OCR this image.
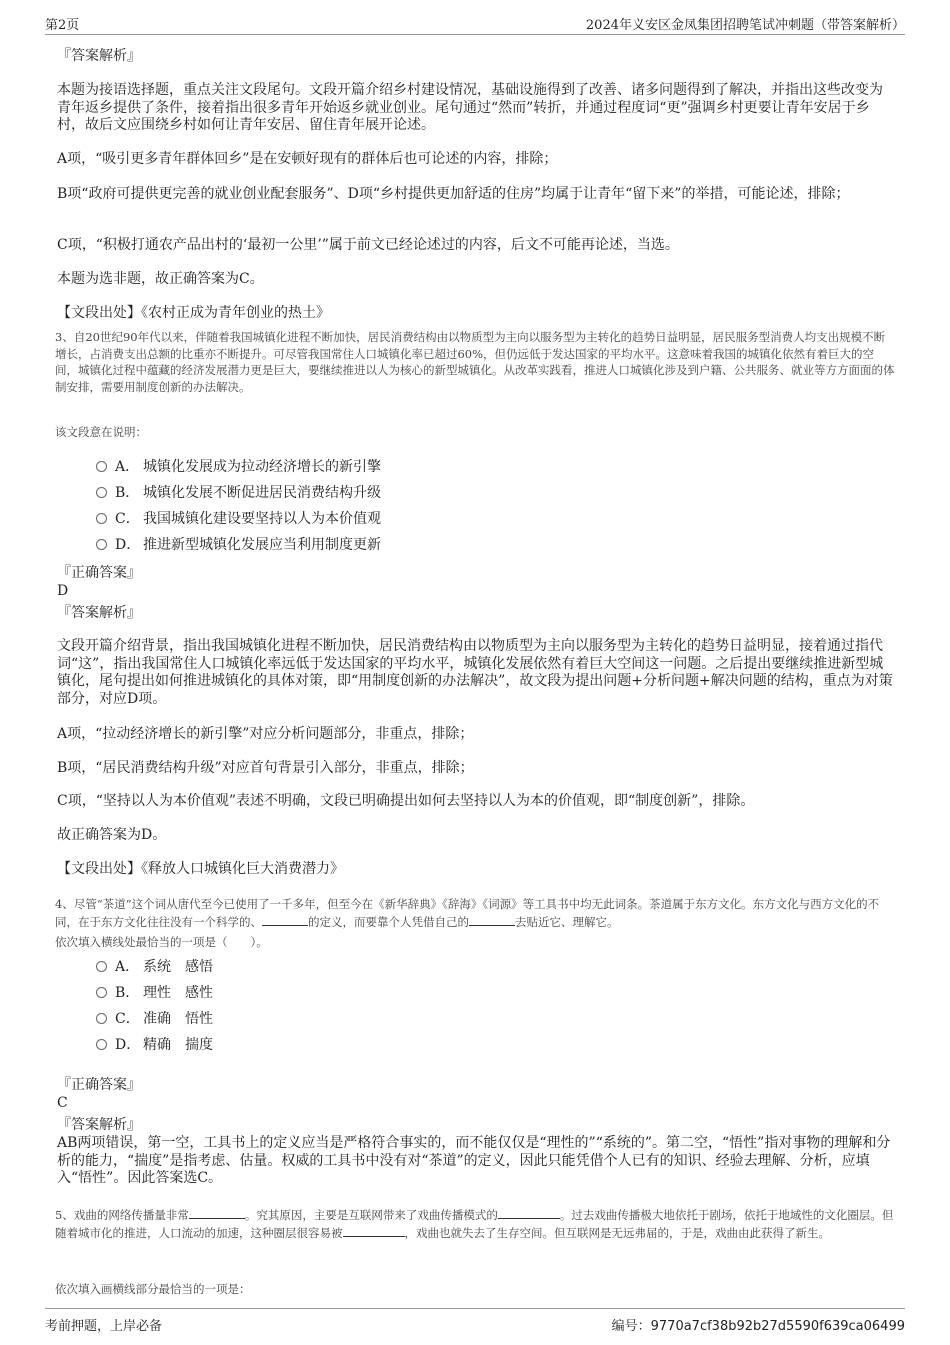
第2页	2024年义安区金凤集团招聘笔试冲刺题（带答案解析）
『答案解析』

本题为接语选择题，重点关注文段尾句。文段开篇介绍乡村建设情况，基础设施得到了改善、诸多问题得到了解决，并指出这些改变为青年返乡提供了条件，接着指出很多青年开始返乡就业创业。尾句通过“然而”转折，并通过程度词“更”强调乡村更要让青年安居于乡村，故后文应围绕乡村如何让青年安居、留住青年展开论述。

A项，“吸引更多青年群体回乡”是在安顿好现有的群体后也可论述的内容，排除；

B项“政府可提供更完善的就业创业配套服务”、D项“乡村提供更加舒适的住房”均属于让青年“留下来”的举措，可能论述，排除；

C项，“积极打通农产品出村的‘最初一公里’”属于前文已经论述过的内容，后文不可能再论述，当选。

本题为选非题，故正确答案为C。

【文段出处】《农村正成为青年创业的热土》

3、自20世纪90年代以来，伴随着我国城镇化进程不断加快，居民消费结构由以物质型为主向以服务型为主转化的趋势日益明显，居民服务型消费人均支出规模不断增长，占消费支出总额的比重亦不断提升。可尽管我国常住人口城镇化率已超过60%，但仍远低于发达国家的平均水平。这意味着我国的城镇化依然有着巨大的空间，城镇化过程中蕴藏的经济发展潜力更是巨大，要继续推进以人为核心的新型城镇化。从改革实践看，推进人口城镇化涉及到户籍、公共服务、就业等方方面面的体制安排，需要用制度创新的办法解决。

该文段意在说明：
A． 城镇化发展成为拉动经济增长的新引擎
B． 城镇化发展不断促进居民消费结构升级
C． 我国城镇化建设要坚持以人为本价值观
D． 推进新型城镇化发展应当利用制度更新
『正确答案』
D
『答案解析』

文段开篇介绍背景，指出我国城镇化进程不断加快，居民消费结构由以物质型为主向以服务型为主转化的趋势日益明显，接着通过指代词“这”，指出我国常住人口城镇化率远低于发达国家的平均水平，城镇化发展依然有着巨大空间这一问题。之后提出要继续推进新型城镇化，尾句提出如何推进城镇化的具体对策，即“用制度创新的办法解决”，故文段为提出问题+分析问题+解决问题的结构，重点为对策部分，对应D项。

A项，“拉动经济增长的新引擎”对应分析问题部分，非重点，排除；

B项，“居民消费结构升级”对应首句背景引入部分，非重点，排除；

C项，“坚持以人为本价值观”表述不明确，文段已明确提出如何去坚持以人为本的价值观，即“制度创新”，排除。

故正确答案为D。

【文段出处】《释放人口城镇化巨大消费潜力》

4、尽管“茶道”这个词从唐代至今已使用了一千多年，但至今在《新华辞典》《辞海》《词源》等工具书中均无此词条。茶道属于东方文化。东方文化与西方文化的不同，在于东方文化往往没有一个科学的、	的定义，而要靠个人凭借自己的	去贴近它、理解它。

依次填入横线处最恰当的一项是（　　）。
A． 系统　感悟
B． 理性　感性
C． 准确　悟性
D． 精确　揣度
『正确答案』
C
『答案解析』

AB两项错误，第一空，工具书上的定义应当是严格符合事实的，而不能仅仅是“理性的”“系统的”。第二空，“悟性”指对事物的理解和分析的能力，“揣度”是指考虑、估量。权威的工具书中没有对“茶道”的定义，因此只能凭借个人已有的知识、经验去理解、分析，应填入“悟性”。因此答案选C。

5、戏曲的网络传播量非常	。究其原因，主要是互联网带来了戏曲传播模式的	。过去戏曲传播极大地依托于剧场，依托于地域性的文化圈层。但随着城市化的推进，人口流动的加速，这种圈层很容易被	，戏曲也就失去了生存空间。但互联网是无远弗届的，于是，戏曲由此获得了新生。

依次填入画横线部分最恰当的一项是：
考前押题，上岸必备	编号：9770a7cf38b92b27d5590f639ca06499
